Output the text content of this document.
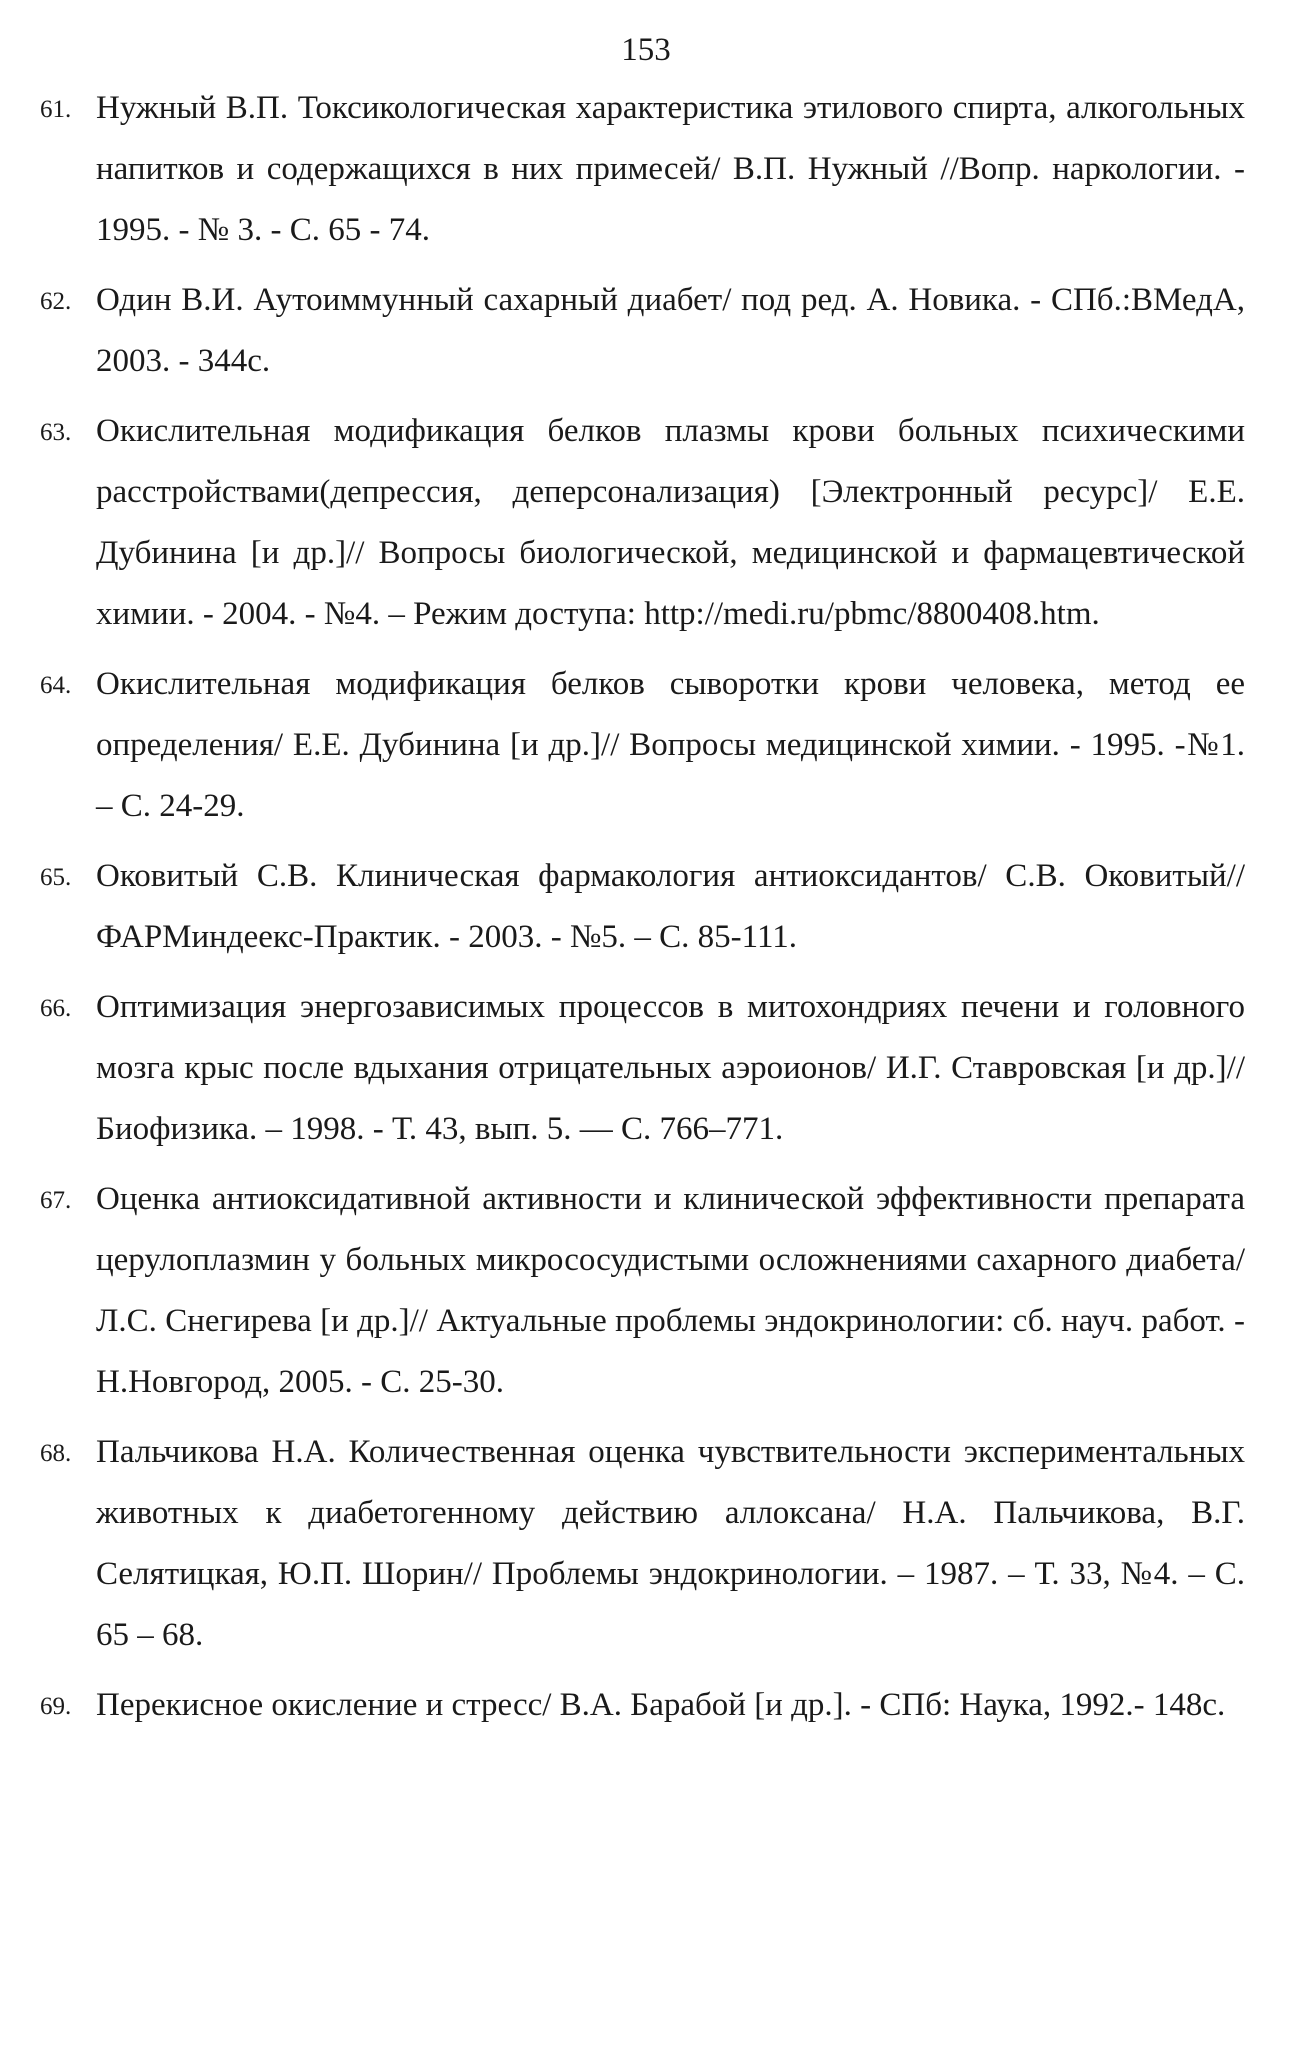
153
61. Нужный В.П. Токсикологическая характеристика этилового спирта, алкогольных напитков и содержащихся в них примесей/ В.П. Нужный //Вопр. наркологии. - 1995. - № 3. - С. 65 - 74.
62. Один В.И. Аутоиммунный сахарный диабет/ под ред. А. Новика. - СПб.:ВМедА, 2003. - 344с.
63. Окислительная модификация белков плазмы крови больных психическими расстройствами(депрессия, деперсонализация) [Электронный ресурс]/ Е.Е. Дубинина [и др.]// Вопросы биологической, медицинской и фармацевтической химии. - 2004. - №4. – Режим доступа: http://medi.ru/pbmc/8800408.htm.
64. Окислительная модификация белков сыворотки крови человека, метод ее определения/ Е.Е. Дубинина [и др.]// Вопросы медицинской химии. - 1995. -№1. – С. 24-29.
65. Оковитый С.В. Клиническая фармакология антиоксидантов/ С.В. Оковитый// ФАРМиндеекс-Практик. - 2003. - №5. – С. 85-111.
66. Оптимизация энергозависимых процессов в митохондриях печени и головного мозга крыс после вдыхания отрицательных аэроионов/ И.Г. Ставровская [и др.]// Биофизика. – 1998. - Т. 43, вып. 5. — С. 766–771.
67. Оценка антиоксидативной активности и клинической эффективности препарата церулоплазмин у больных микрососудистыми осложнениями сахарного диабета/ Л.С. Снегирева [и др.]// Актуальные проблемы эндокринологии: сб. науч. работ. - Н.Новгород, 2005. - С. 25-30.
68. Пальчикова Н.А. Количественная оценка чувствительности экспериментальных животных к диабетогенному действию аллоксана/ Н.А. Пальчикова, В.Г. Селятицкая, Ю.П. Шорин// Проблемы эндокринологии. – 1987. – Т. 33, №4. – С. 65 – 68.
69. Перекисное окисление и стресс/ В.А. Барабой [и др.]. - СПб: Наука, 1992.- 148с.
